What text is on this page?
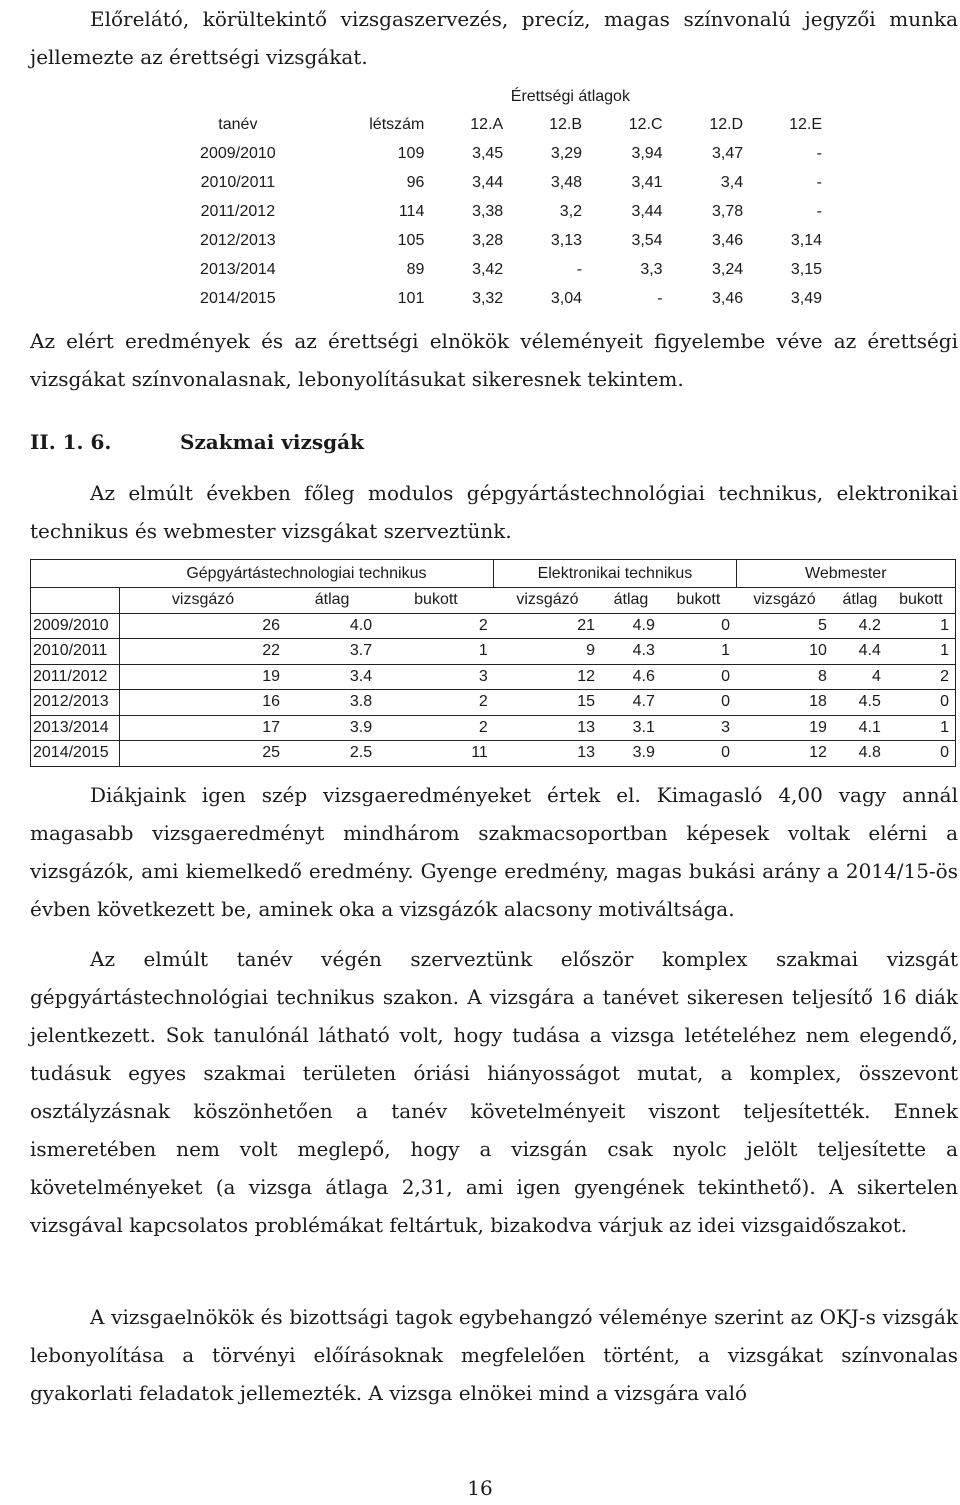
Előrelátó, körültekintő vizsgaszervezés, precíz, magas színvonalú jegyzői munka jellemezte az érettségi vizsgákat.

	Érettségi átlagok					
tanév	létszám	12.A	12.B	12.C	12.D	12.E
2009/2010	109	3,45	3,29	3,94	3,47	-
2010/2011	96	3,44	3,48	3,41	3,4	-
2011/2012	114	3,38	3,2	3,44	3,78	-
2012/2013	105	3,28	3,13	3,54	3,46	3,14
2013/2014	89	3,42	-	3,3	3,24	3,15
2014/2015	101	3,32	3,04	-	3,46	3,49

Az elért eredmények és az érettségi elnökök véleményeit figyelembe véve az érettségi vizsgákat színvonalasnak, lebonyolításukat sikeresnek tekintem.

II. 1. 6.	Szakmai vizsgák

Az elmúlt években főleg modulos gépgyártástechnológiai technikus, elektronikai technikus és webmester vizsgákat szerveztünk.

	Gépgyártástechnologiai technikus			Elektronikai technikus			Webmester		
	vizsgázó	átlag	bukott	vizsgázó	átlag	bukott	vizsgázó	átlag	bukott
2009/2010	26	4.0	2	21	4.9	0	5	4.2	1
2010/2011	22	3.7	1	9	4.3	1	10	4.4	1
2011/2012	19	3.4	3	12	4.6	0	8	4	2
2012/2013	16	3.8	2	15	4.7	0	18	4.5	0
2013/2014	17	3.9	2	13	3.1	3	19	4.1	1
2014/2015	25	2.5	11	13	3.9	0	12	4.8	0

Diákjaink igen szép vizsgaeredményeket értek el. Kimagasló 4,00 vagy annál magasabb vizsgaeredményt mindhárom szakmacsoportban képesek voltak elérni a vizsgázók, ami kiemelkedő eredmény. Gyenge eredmény, magas bukási arány a 2014/15-ös évben következett be, aminek oka a vizsgázók alacsony motiváltsága.

Az elmúlt tanév végén szerveztünk először komplex szakmai vizsgát gépgyártástechnológiai technikus szakon. A vizsgára a tanévet sikeresen teljesítő 16 diák jelentkezett. Sok tanulónál látható volt, hogy tudása a vizsga letételéhez nem elegendő, tudásuk egyes szakmai területen óriási hiányosságot mutat, a komplex, összevont osztályzásnak köszönhetően a tanév követelményeit viszont teljesítették. Ennek ismeretében nem volt meglepő, hogy a vizsgán csak nyolc jelölt teljesítette a követelményeket (a vizsga átlaga 2,31, ami igen gyengének tekinthető). A sikertelen vizsgával kapcsolatos problémákat feltártuk, bizakodva várjuk az idei vizsgaidőszakot.

A vizsgaelnökök és bizottsági tagok egybehangzó véleménye szerint az OKJ-s vizsgák lebonyolítása a törvényi előírásoknak megfelelően történt, a vizsgákat színvonalas gyakorlati feladatok jellemezték. A vizsga elnökei mind a vizsgára való

16
